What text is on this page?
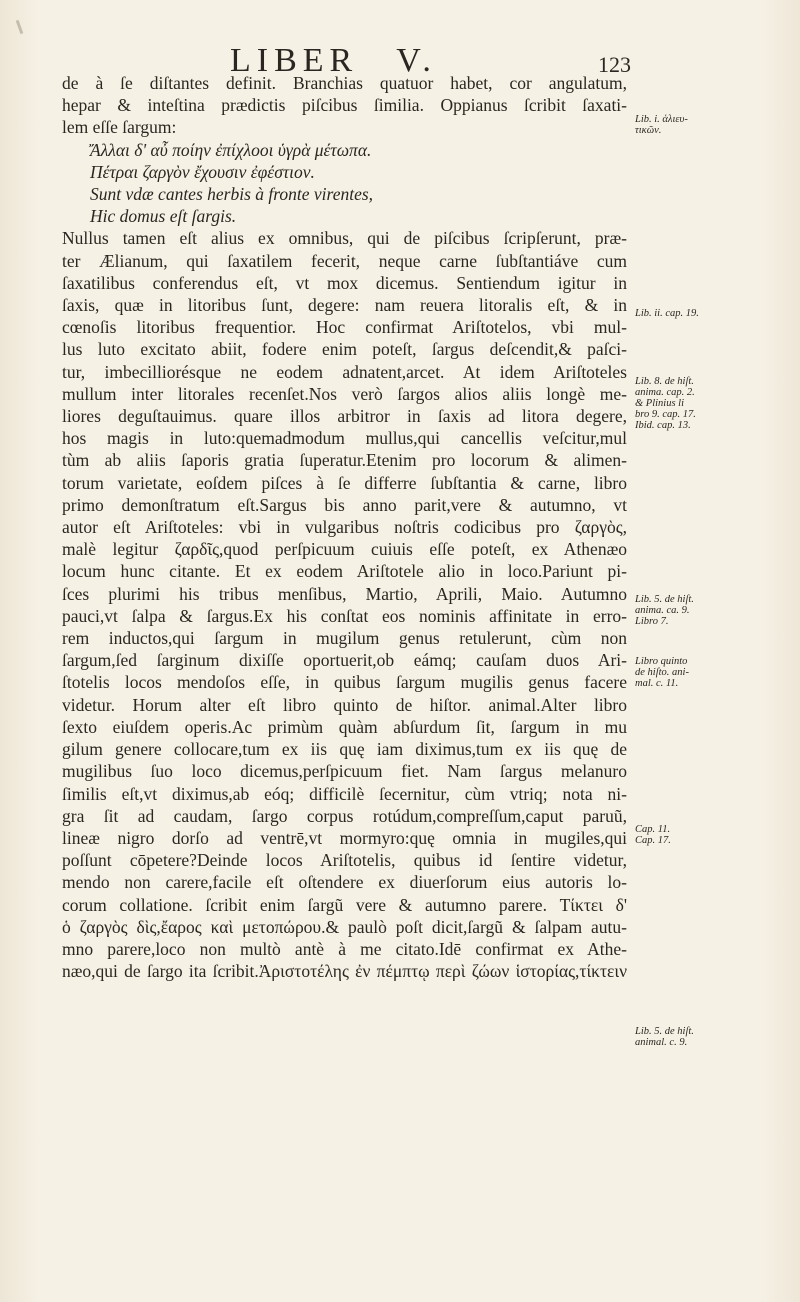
LIBER V.	123
de à ſe diſtantes definit. Branchias quatuor habet, cor angulatum,
hepar & inteſtina prædictis piſcibus ſimilia. Oppianus ſcribit ſaxati-
lem eſſe ſargum:
Ἄλλαι δ' αὖ ποίην ἐπίχλοοι ὑγρὰ μέτωπα.
Πέτραι ζαργὸν ἔχουσιν ἐφέστιον.
Sunt vdæ cantes herbis à fronte virentes,
Hic domus eſt ſargis.
Nullus tamen eſt alius ex omnibus, qui de piſcibus ſcripſerunt, præ-
ter Ælianum, qui ſaxatilem fecerit, neque carne ſubſtantiáve cum
ſaxatilibus conferendus eſt, vt mox dicemus. Sentiendum igitur in
ſaxis, quæ in litoribus ſunt, degere: nam reuera litoralis eſt, & in
cœnoſis litoribus frequentior. Hoc confirmat Ariſtotelos, vbi mul-
lus luto excitato abiit, fodere enim poteſt, ſargus deſcendit,& paſci-
tur, imbecilliorésque ne eodem adnatent,arcet. At idem Ariſtoteles
mullum inter litorales recenſet.Nos verò ſargos alios aliis longè me-
liores deguſtauimus. quare illos arbitror in ſaxis ad litora degere,
hos magis in luto:quemadmodum mullus,qui cancellis veſcitur,mul
tùm ab aliis ſaporis gratia ſuperatur.Etenim pro locorum & alimen-
torum varietate, eoſdem piſces à ſe differre ſubſtantia & carne, libro
primo demonſtratum eſt.Sargus bis anno parit,vere & autumno, vt
autor eſt Ariſtoteles: vbi in vulgaribus noſtris codicibus pro ζαργὸς,
malè legitur ζαρδῖς,quod perſpicuum cuiuis eſſe poteſt, ex Athenæo
locum hunc citante. Et ex eodem Ariſtotele alio in loco.Pariunt pi-
ſces plurimi his tribus menſibus, Martio, Aprili, Maio. Autumno
pauci,vt ſalpa & ſargus.Ex his conſtat eos nominis affinitate in erro-
rem inductos,qui ſargum in mugilum genus retulerunt, cùm non
ſargum,ſed ſarginum dixiſſe oportuerit,ob eámq; cauſam duos Ari-
ſtotelis locos mendoſos eſſe, in quibus ſargum mugilis genus facere
videtur. Horum alter eſt libro quinto de hiſtor. animal.Alter libro
ſexto eiuſdem operis.Ac primùm quàm abſurdum ſit, ſargum in mu
gilum genere collocare,tum ex iis quę iam diximus,tum ex iis quę de
mugilibus ſuo loco dicemus,perſpicuum fiet. Nam ſargus melanuro
ſimilis eſt,vt diximus,ab eóq; difficilè ſecernitur, cùm vtriq; nota ni-
gra ſit ad caudam, ſargo corpus rotúdum,compreſſum,caput paruũ,
lineæ nigro dorſo ad ventrē,vt mormyro:quę omnia in mugiles,qui
poſſunt cōpetere?Deinde locos Ariſtotelis, quibus id ſentire videtur,
mendo non carere,facile eſt oſtendere ex diuerſorum eius autoris lo-
corum collatione. ſcribit enim ſargũ vere & autumno parere. Τίκτει δ'
ὁ ζαργὸς δὶς,ἔαρος καὶ μετοπώρου.& paulò poſt dicit,ſargũ & ſalpam autu-
mno parere,loco non multò antè à me citato.Idē confirmat ex Athe-
næo,qui de ſargo ita ſcribit.Ἀριστοτέλης ἐν πέμπτῳ περὶ ζώων ἱστορίας,τίκτειν
Lib. i. ἁλιευ-
τικῶν.
Lib. ii. cap. 19.
Lib. 8. de hiſt.
anima. cap. 2.
& Plinius li
bro 9. cap. 17.
Ibid. cap. 13.
Lib. 5. de hiſt.
anima. ca. 9.
Libro 7.
Libro quinto
de hiſto. ani-
mal. c. 11.
Cap. 11.
Cap. 17.
Lib. 5. de hiſt.
animal. c. 9.
